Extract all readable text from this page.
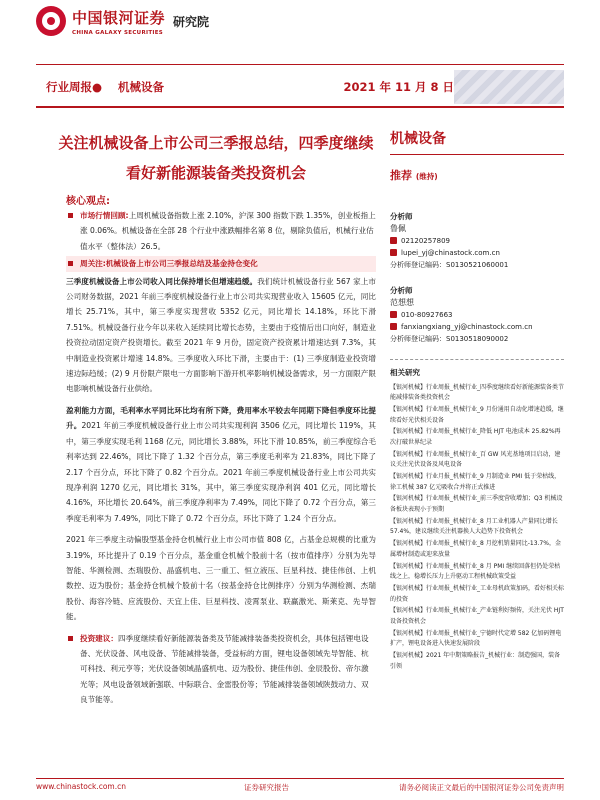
中国银河证券
CHINA GALAXY SECURITIES
研究院
行业周报● 机械设备	2021 年 11 月 8 日
关注机械设备上市公司三季报总结，四季度继续看好新能源装备类投资机会
核心观点:
市场行情回顾:上周机械设备指数上涨 2.10%，沪深 300 指数下跌 1.35%，创业板指上涨 0.06%。机械设备在全部 28 个行业中涨跌幅排名第 8 位，剔除负值后，机械行业估值水平（整体法）26.5。
周关注:机械设备上市公司三季报总结及基金持仓变化
三季度机械设备上市公司收入同比保持增长但增速趋缓。我们统计机械设备行业 567 家上市公司财务数据，2021 年前三季度机械设备行业上市公司共实现营业收入 15605 亿元，同比增长 25.71%，其中，第三季度实现营收 5352 亿元，同比增长 14.18%，环比下滑 7.51%。机械设备行业今年以来收入延续同比增长态势，主要由于疫情后出口向好，制造业投资拉动固定资产投资增长。截至 2021 年 9 月份，固定资产投资累计增速达到 7.3%，其中制造业投资累计增速 14.8%。三季度收入环比下滑，主要由于：(1) 三季度制造业投资增速边际趋缓；(2) 9 月份限产限电一方面影响下游开机率影响机械设备需求，另一方面限产限电影响机械设备行业供给。
盈利能力方面，毛利率水平同比环比均有所下降，费用率水平较去年同期下降但季度环比提升。2021 年前三季度机械设备行业上市公司共实现利润 3506 亿元，同比增长 119%，其中，第三季度实现毛利 1168 亿元，同比增长 3.88%，环比下滑 10.85%，前三季度综合毛利率达到 22.46%，同比下降了 1.32 个百分点，第三季度毛利率为 21.83%，同比下降了 2.17 个百分点，环比下降了 0.82 个百分点。2021 年前三季度机械设备行业上市公司共实现净利润 1270 亿元，同比增长 31%，其中，第三季度实现净利润 401 亿元，同比增长 4.16%，环比增长 20.64%，前三季度净利率为 7.49%，同比下降了 0.72 个百分点，第三季度毛利率为 7.49%，同比下降了 0.72 个百分点，环比下降了 1.24 个百分点。
2021 年三季度主动偏股型基金持仓机械行业上市公司市值 808 亿，占基金总规模的比重为 3.19%，环比提升了 0.19 个百分点，基金重仓机械个股前十名（按市值排序）分别为先导智能、华测检测、杰瑞股份、晶盛机电、三一重工、恒立液压、巨星科技、捷佳伟创、上机数控、迈为股份；基金持仓机械个股前十名（按基金持仓比例排序）分别为华测检测、杰瑞股份、海容冷链、应流股份、天宜上佳、巨星科技、凌霄泵业、联赢激光、斯莱克、先导智能。
投资建议：四季度继续看好新能源装备类及节能减排装备类投资机会，具体包括锂电设备、光伏设备、风电设备、节能减排装备，受益标的方面，锂电设备领域先导智能、杭可科技、利元亨等；光伏设备领域晶盛机电、迈为股份、捷佳伟创、金辰股份、帝尔激光等；风电设备领域新强联、中际联合、金雷股份等；节能减排装备领域陕鼓动力、双良节能等。
机械设备
推荐 (维持)
分析师
鲁佩
02120257809
lupei_yj@chinastock.com.cn
分析师登记编码：S0130521060001
分析师
范想想
010-80927663
fanxiangxiang_yj@chinastock.com.cn
分析师登记编码：S0130518090002
相关研究
【银河机械】行业周报_机械行业_四季度继续看好新能源装备类节能减排装备类投资机会
【银河机械】行业周报_机械行业_9 月份通用自动化增速趋缓，继续看好光伏相关设备
【银河机械】行业周报_机械行业_降低 HJT 电池成本 25.82%再次打破世界纪录
【银河机械】行业周报_机械行业_百 GW 风光基地项目启动，建议关注光伏设备及风电设备
【银河机械】行业月报_机械行业_9 月制造业 PMI 低于荣枯线，徐工机械 387 亿元吸收合并将正式推进
【银河机械】行业周报_机械行业_前三季度营收增加；Q3 机械设备板块表现小于预期
【银河机械】行业周报_机械行业_8 月工业机器人产量同比增长 57.4%，建议继续关注机器换人大趋势下投资机会
【银河机械】行业周报_机械行业_8 月挖机销量同比-13.7%，金属增材制造或迎来放量
【银河机械】行业周报_机械行业_8 月 PMI 继续回落但仍处荣枯线之上，稳增长压力上升驱动工程机械政策受益
【银河机械】行业周报_机械行业_工业母机政策加码，看好相关标的投资
【银河机械】行业周报_机械行业_产业链利好频传，关注光伏 HJT 设备投资机会
【银河机械】行业周报_机械行业_宁德时代定增 582 亿加码锂电扩产，锂电设备进入快速发展阶段
【银河机械】2021 年中期策略报告_机械行业：制造强国，装备引领
www.chinastock.com.cn	证券研究报告	请务必阅读正文最后的中国银河证券公司免责声明
